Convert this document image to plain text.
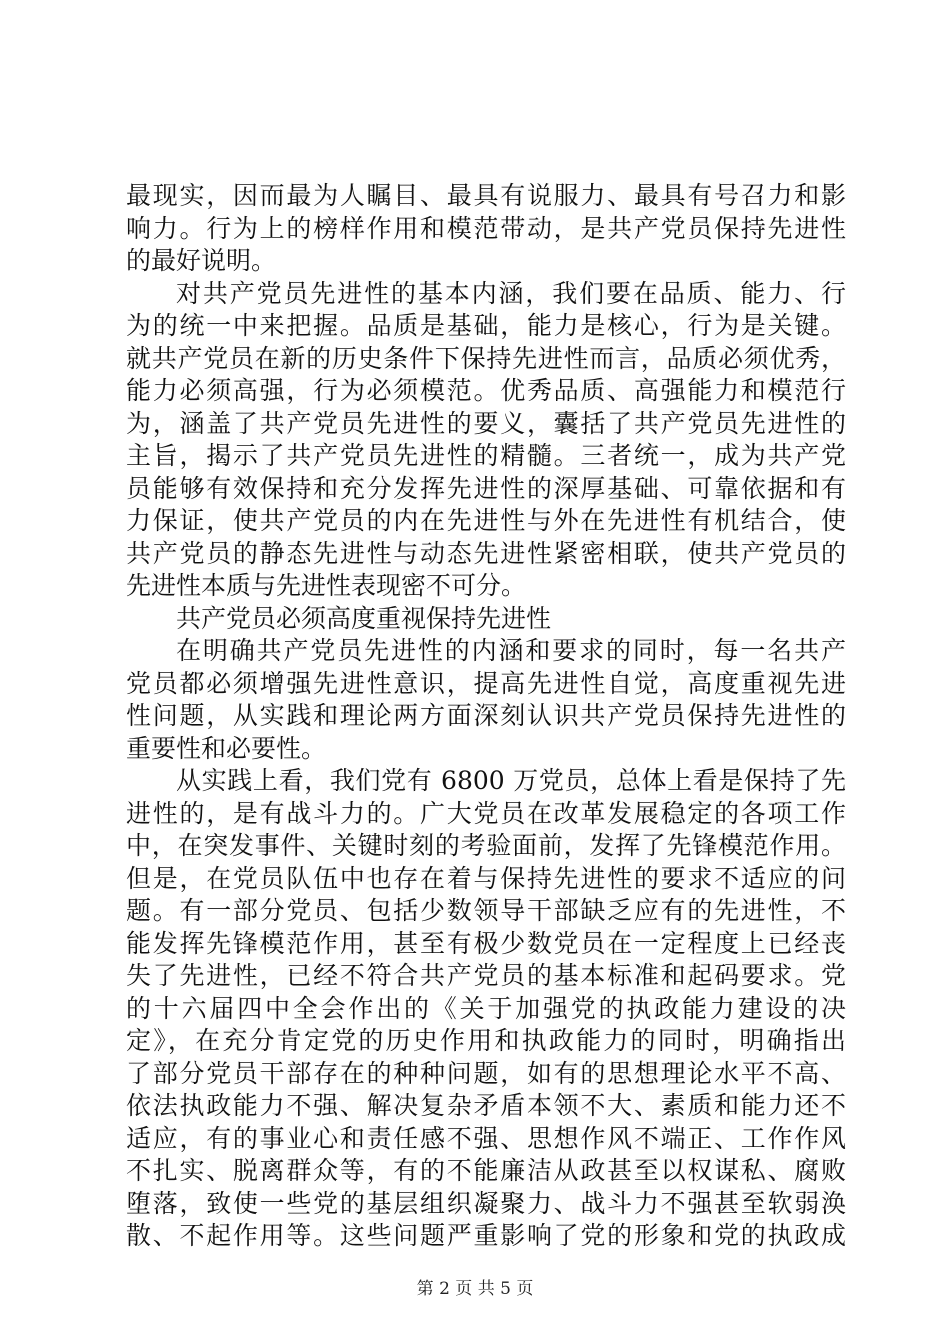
最现实，因而最为人瞩目、最具有说服力、最具有号召力和影
响力。行为上的榜样作用和模范带动，是共产党员保持先进性
的最好说明。
对共产党员先进性的基本内涵，我们要在品质、能力、行
为的统一中来把握。品质是基础，能力是核心，行为是关键。
就共产党员在新的历史条件下保持先进性而言，品质必须优秀，
能力必须高强，行为必须模范。优秀品质、高强能力和模范行
为，涵盖了共产党员先进性的要义，囊括了共产党员先进性的
主旨，揭示了共产党员先进性的精髓。三者统一，成为共产党
员能够有效保持和充分发挥先进性的深厚基础、可靠依据和有
力保证，使共产党员的内在先进性与外在先进性有机结合，使
共产党员的静态先进性与动态先进性紧密相联，使共产党员的
先进性本质与先进性表现密不可分。
共产党员必须高度重视保持先进性
在明确共产党员先进性的内涵和要求的同时，每一名共产
党员都必须增强先进性意识，提高先进性自觉，高度重视先进
性问题，从实践和理论两方面深刻认识共产党员保持先进性的
重要性和必要性。
从实践上看，我们党有 6800 万党员，总体上看是保持了先
进性的，是有战斗力的。广大党员在改革发展稳定的各项工作
中，在突发事件、关键时刻的考验面前，发挥了先锋模范作用。
但是，在党员队伍中也存在着与保持先进性的要求不适应的问
题。有一部分党员、包括少数领导干部缺乏应有的先进性，不
能发挥先锋模范作用，甚至有极少数党员在一定程度上已经丧
失了先进性，已经不符合共产党员的基本标准和起码要求。党
的十六届四中全会作出的《关于加强党的执政能力建设的决
定》，在充分肯定党的历史作用和执政能力的同时，明确指出
了部分党员干部存在的种种问题，如有的思想理论水平不高、
依法执政能力不强、解决复杂矛盾本领不大、素质和能力还不
适应，有的事业心和责任感不强、思想作风不端正、工作作风
不扎实、脱离群众等，有的不能廉洁从政甚至以权谋私、腐败
堕落，致使一些党的基层组织凝聚力、战斗力不强甚至软弱涣
散、不起作用等。这些问题严重影响了党的形象和党的执政成
第 2 页 共 5 页
